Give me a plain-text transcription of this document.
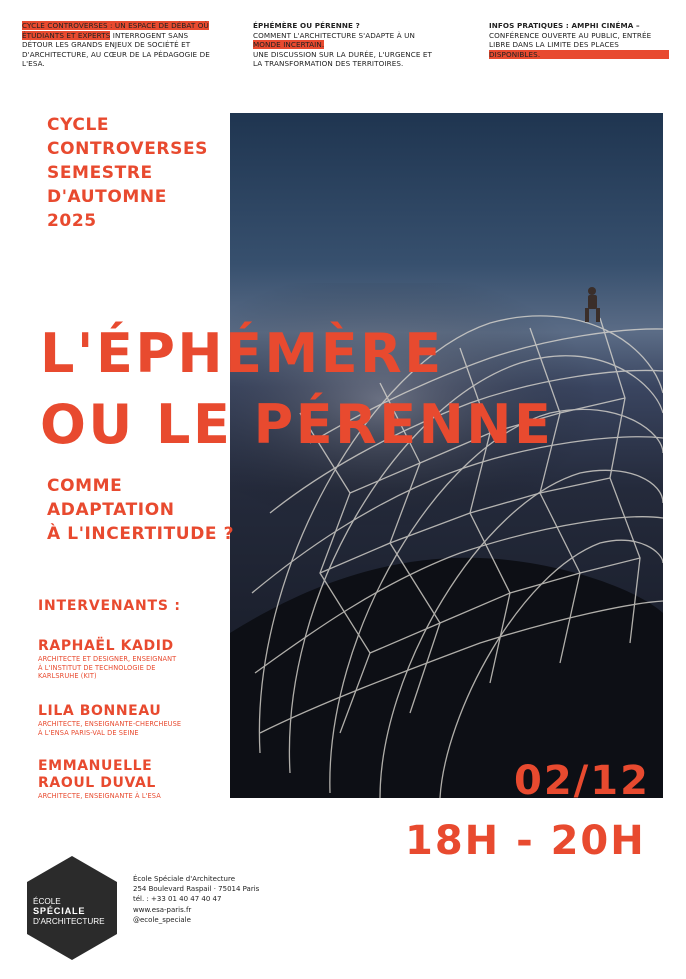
CYCLE CONTROVERSES : UN ESPACE DE DÉBAT OÙ ÉTUDIANTS ET EXPERTS INTERROGENT SANS DÉTOUR LES GRANDS ENJEUX DE SOCIÉTÉ ET D'ARCHITECTURE, AU CŒUR DE LA PÉDAGOGIE DE L'ESA.
ÉPHÉMÈRE OU PÉRENNE ?
COMMENT L'ARCHITECTURE S'ADAPTE À UN
MONDE INCERTAIN.
UNE DISCUSSION SUR LA DURÉE, L'URGENCE ET LA TRANSFORMATION DES TERRITOIRES.
INFOS PRATIQUES : AMPHI CINÉMA –
CONFÉRENCE OUVERTE AU PUBLIC, ENTRÉE LIBRE DANS LA LIMITE DES PLACES DISPONIBLES.
CYCLE
CONTROVERSES
SEMESTRE
D'AUTOMNE
2025
L'ÉPHÉMÈRE
OU LE PÉRENNE
COMME
ADAPTATION
À L'INCERTITUDE ?
INTERVENANTS :
RAPHAËL KADID
ARCHITECTE ET DESIGNER, ENSEIGNANT
À L'INSTITUT DE TECHNOLOGIE DE
KARLSRUHE (KIT)
LILA BONNEAU
ARCHITECTE, ENSEIGNANTE-CHERCHEUSE
À L'ENSA PARIS-VAL DE SEINE
EMMANUELLE
RAOUL DUVAL
ARCHITECTE, ENSEIGNANTE À L'ESA	02/12
18H - 20H
ÉCOLE
SPÉCIALE
D'ARCHITECTURE
École Spéciale d'Architecture
254 Boulevard Raspail · 75014 Paris
tél. : +33 01 40 47 40 47
www.esa-paris.fr
@ecole_speciale
